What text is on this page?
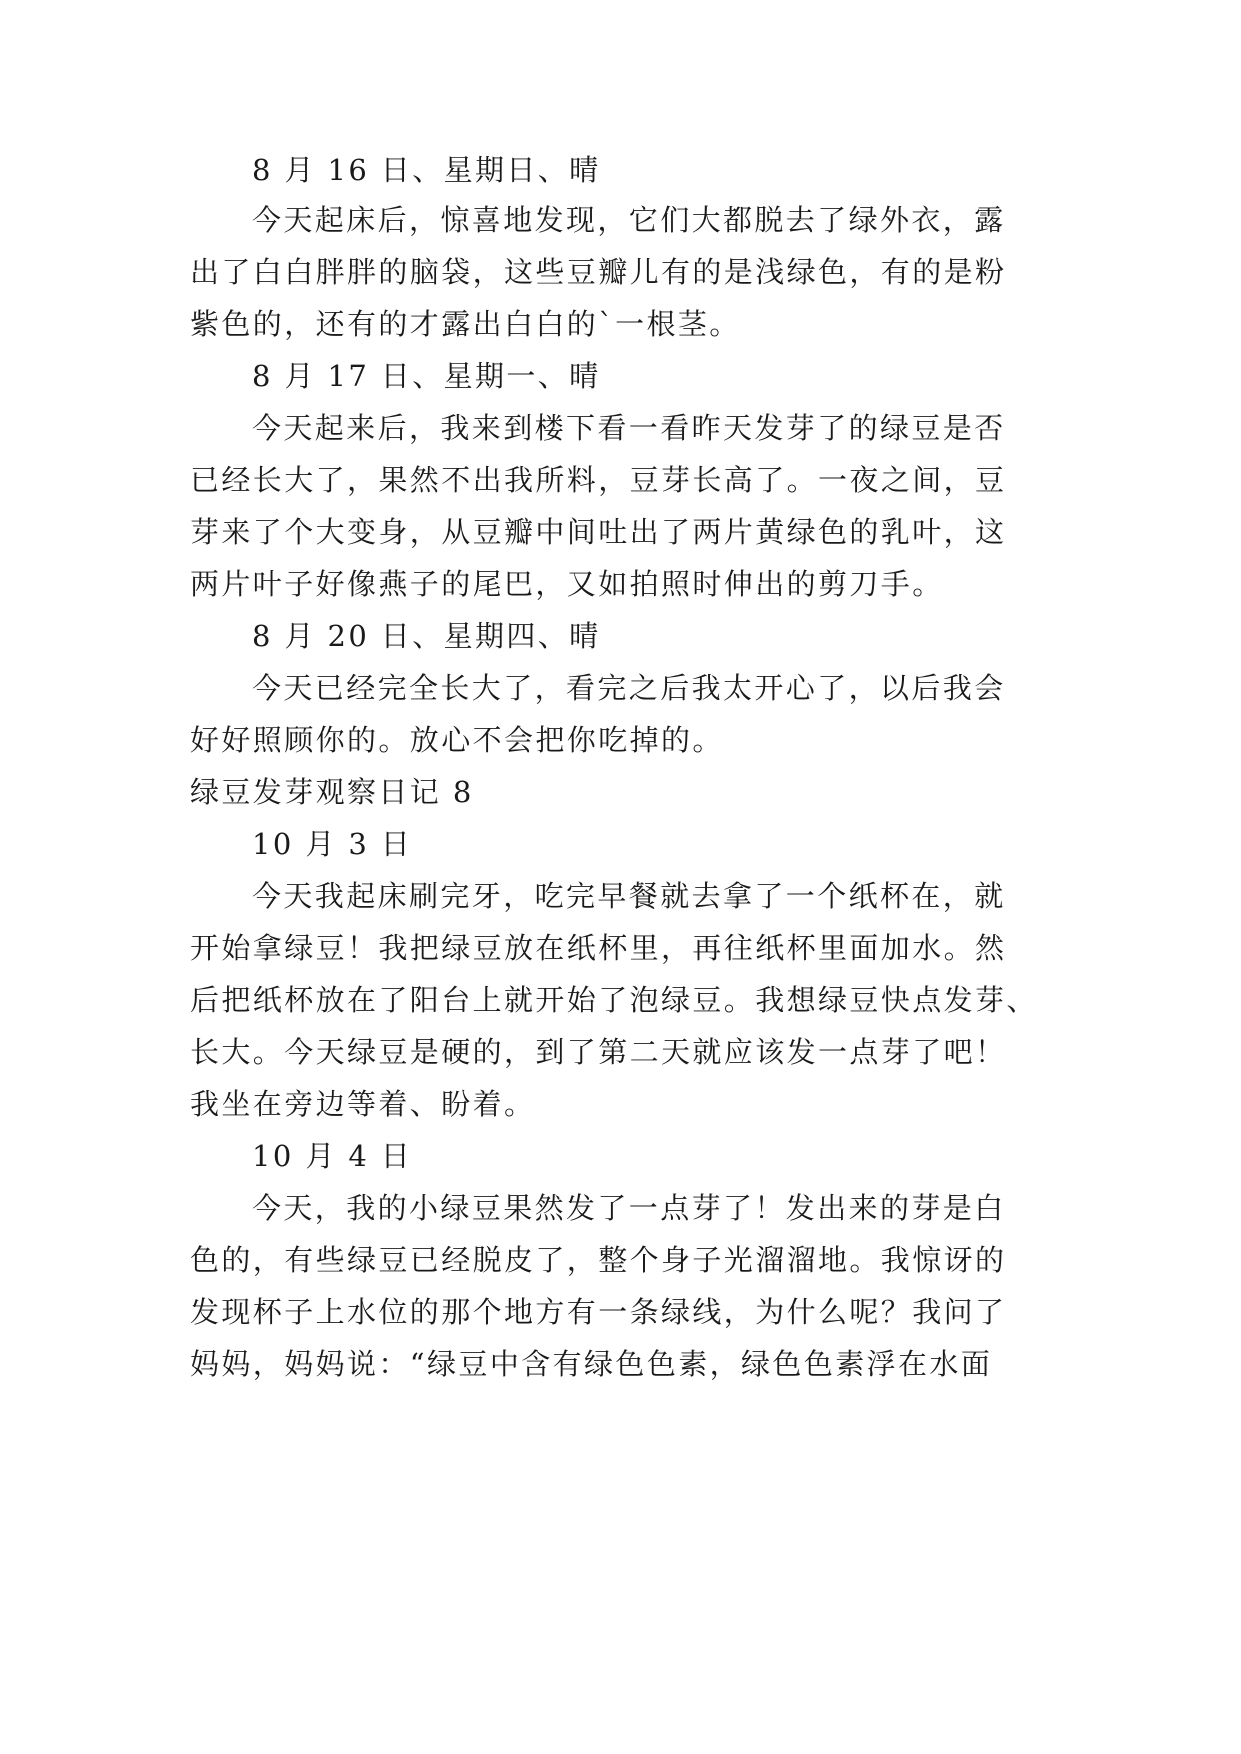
8 月 16 日、星期日、晴
今天起床后，惊喜地发现，它们大都脱去了绿外衣，露
出了白白胖胖的脑袋，这些豆瓣儿有的是浅绿色，有的是粉
紫色的，还有的才露出白白的`一根茎。
8 月 17 日、星期一、晴
今天起来后，我来到楼下看一看昨天发芽了的绿豆是否
已经长大了，果然不出我所料，豆芽长高了。一夜之间，豆
芽来了个大变身，从豆瓣中间吐出了两片黄绿色的乳叶，这
两片叶子好像燕子的尾巴，又如拍照时伸出的剪刀手。
8 月 20 日、星期四、晴
今天已经完全长大了，看完之后我太开心了，以后我会
好好照顾你的。放心不会把你吃掉的。
绿豆发芽观察日记 8
10 月 3 日
今天我起床刷完牙，吃完早餐就去拿了一个纸杯在，就
开始拿绿豆！我把绿豆放在纸杯里，再往纸杯里面加水。然
后把纸杯放在了阳台上就开始了泡绿豆。我想绿豆快点发芽、
长大。今天绿豆是硬的，到了第二天就应该发一点芽了吧！
我坐在旁边等着、盼着。
10 月 4 日
今天，我的小绿豆果然发了一点芽了！发出来的芽是白
色的，有些绿豆已经脱皮了，整个身子光溜溜地。我惊讶的
发现杯子上水位的那个地方有一条绿线，为什么呢？我问了
妈妈，妈妈说：“绿豆中含有绿色色素，绿色色素浮在水面
